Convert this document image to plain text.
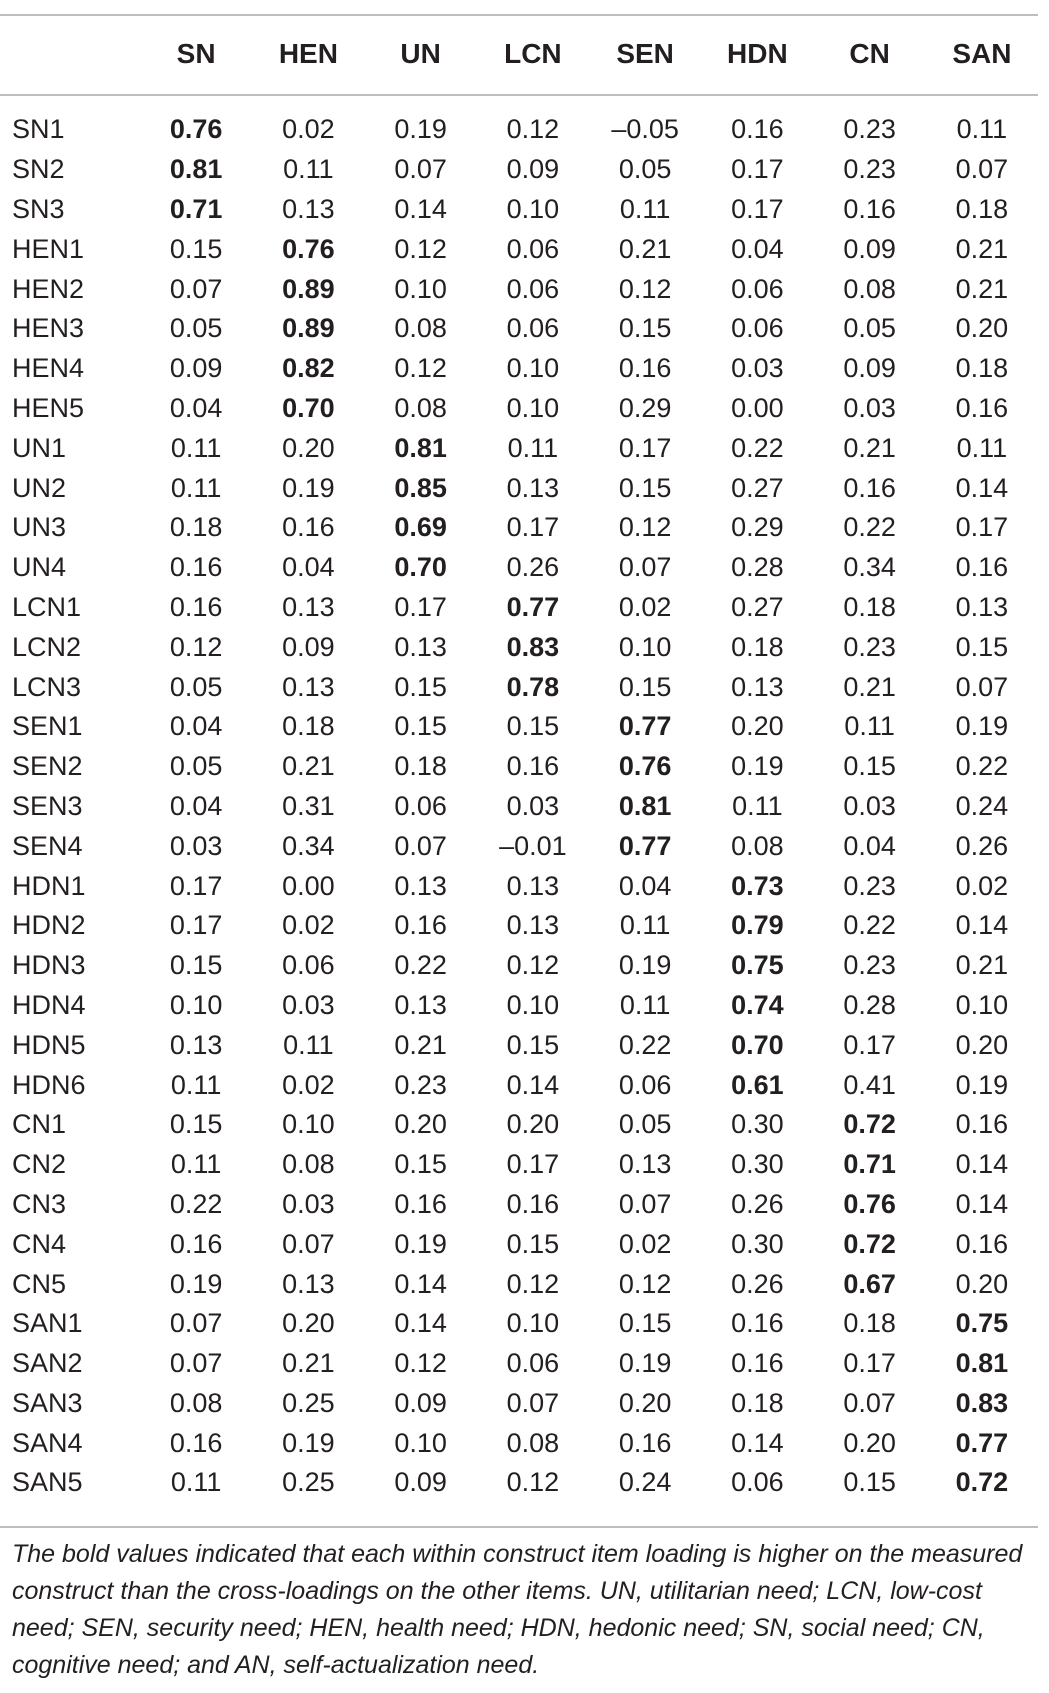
	SN	HEN	UN	LCN	SEN	HDN	CN	SAN

SN1	0.76	0.02	0.19	0.12	–0.05	0.16	0.23	0.11
SN2	0.81	0.11	0.07	0.09	0.05	0.17	0.23	0.07
SN3	0.71	0.13	0.14	0.10	0.11	0.17	0.16	0.18
HEN1	0.15	0.76	0.12	0.06	0.21	0.04	0.09	0.21
HEN2	0.07	0.89	0.10	0.06	0.12	0.06	0.08	0.21
HEN3	0.05	0.89	0.08	0.06	0.15	0.06	0.05	0.20
HEN4	0.09	0.82	0.12	0.10	0.16	0.03	0.09	0.18
HEN5	0.04	0.70	0.08	0.10	0.29	0.00	0.03	0.16
UN1	0.11	0.20	0.81	0.11	0.17	0.22	0.21	0.11
UN2	0.11	0.19	0.85	0.13	0.15	0.27	0.16	0.14
UN3	0.18	0.16	0.69	0.17	0.12	0.29	0.22	0.17
UN4	0.16	0.04	0.70	0.26	0.07	0.28	0.34	0.16
LCN1	0.16	0.13	0.17	0.77	0.02	0.27	0.18	0.13
LCN2	0.12	0.09	0.13	0.83	0.10	0.18	0.23	0.15
LCN3	0.05	0.13	0.15	0.78	0.15	0.13	0.21	0.07
SEN1	0.04	0.18	0.15	0.15	0.77	0.20	0.11	0.19
SEN2	0.05	0.21	0.18	0.16	0.76	0.19	0.15	0.22
SEN3	0.04	0.31	0.06	0.03	0.81	0.11	0.03	0.24
SEN4	0.03	0.34	0.07	–0.01	0.77	0.08	0.04	0.26
HDN1	0.17	0.00	0.13	0.13	0.04	0.73	0.23	0.02
HDN2	0.17	0.02	0.16	0.13	0.11	0.79	0.22	0.14
HDN3	0.15	0.06	0.22	0.12	0.19	0.75	0.23	0.21
HDN4	0.10	0.03	0.13	0.10	0.11	0.74	0.28	0.10
HDN5	0.13	0.11	0.21	0.15	0.22	0.70	0.17	0.20
HDN6	0.11	0.02	0.23	0.14	0.06	0.61	0.41	0.19
CN1	0.15	0.10	0.20	0.20	0.05	0.30	0.72	0.16
CN2	0.11	0.08	0.15	0.17	0.13	0.30	0.71	0.14
CN3	0.22	0.03	0.16	0.16	0.07	0.26	0.76	0.14
CN4	0.16	0.07	0.19	0.15	0.02	0.30	0.72	0.16
CN5	0.19	0.13	0.14	0.12	0.12	0.26	0.67	0.20
SAN1	0.07	0.20	0.14	0.10	0.15	0.16	0.18	0.75
SAN2	0.07	0.21	0.12	0.06	0.19	0.16	0.17	0.81
SAN3	0.08	0.25	0.09	0.07	0.20	0.18	0.07	0.83
SAN4	0.16	0.19	0.10	0.08	0.16	0.14	0.20	0.77
SAN5	0.11	0.25	0.09	0.12	0.24	0.06	0.15	0.72
The bold values indicated that each within construct item loading is higher on the measured construct than the cross-loadings on the other items. UN, utilitarian need; LCN, low-cost need; SEN, security need; HEN, health need; HDN, hedonic need; SN, social need; CN, cognitive need; and AN, self-actualization need.
